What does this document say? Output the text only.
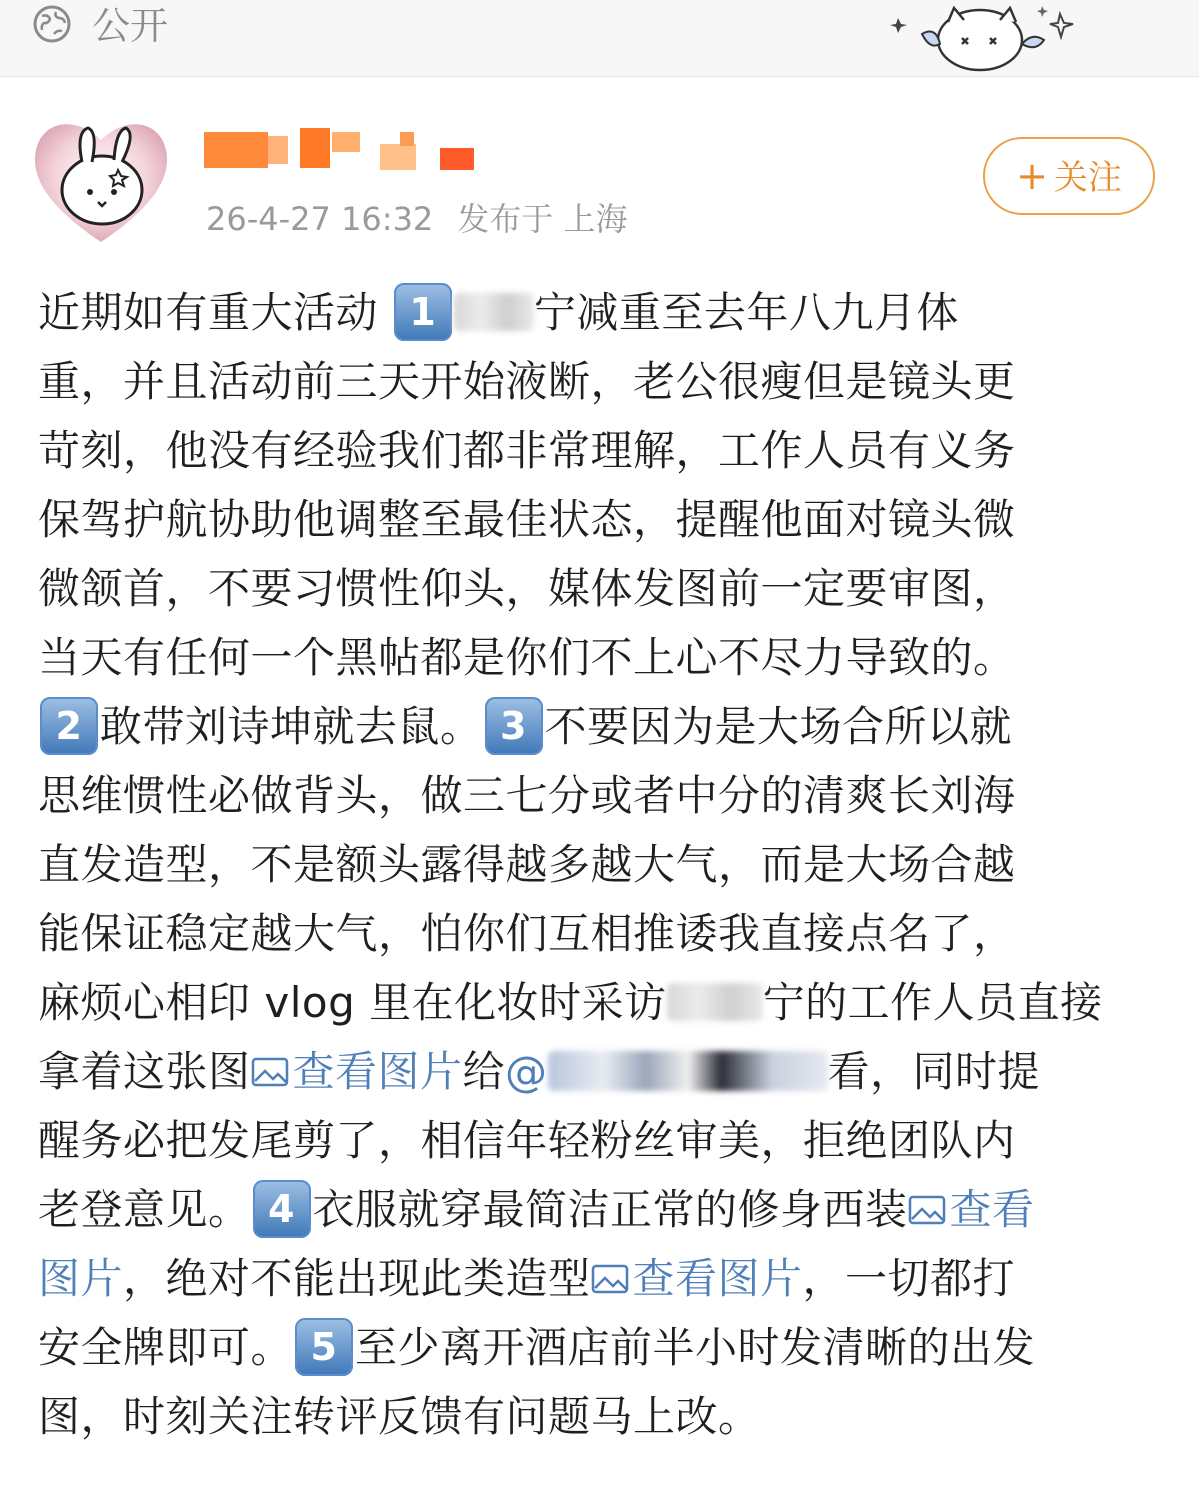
公开
26-4-27 16:32 发布于 上海
+ 关注
近期如有重大活动 1 宁减重至去年八九月体
重，并且活动前三天开始液断，老公很瘦但是镜头更
苛刻，他没有经验我们都非常理解，工作人员有义务
保驾护航协助他调整至最佳状态，提醒他面对镜头微
微颔首，不要习惯性仰头，媒体发图前一定要审图，
当天有任何一个黑帖都是你们不上心不尽力导致的。
2 敢带刘诗坤就去鼠。 3 不要因为是大场合所以就
思维惯性必做背头，做三七分或者中分的清爽长刘海
直发造型，不是额头露得越多越大气，而是大场合越
能保证稳定越大气，怕你们互相推诿我直接点名了，
麻烦心相印 vlog 里在化妆时采访 宁的工作人员直接
拿着这张图 查看图片给@	看，同时提
醒务必把发尾剪了，相信年轻粉丝审美，拒绝团队内
老登意见。 4 衣服就穿最简洁正常的修身西装 查看
图片，绝对不能出现此类造型 查看图片，一切都打
安全牌即可。 5 至少离开酒店前半小时发清晰的出发
图，时刻关注转评反馈有问题马上改。
